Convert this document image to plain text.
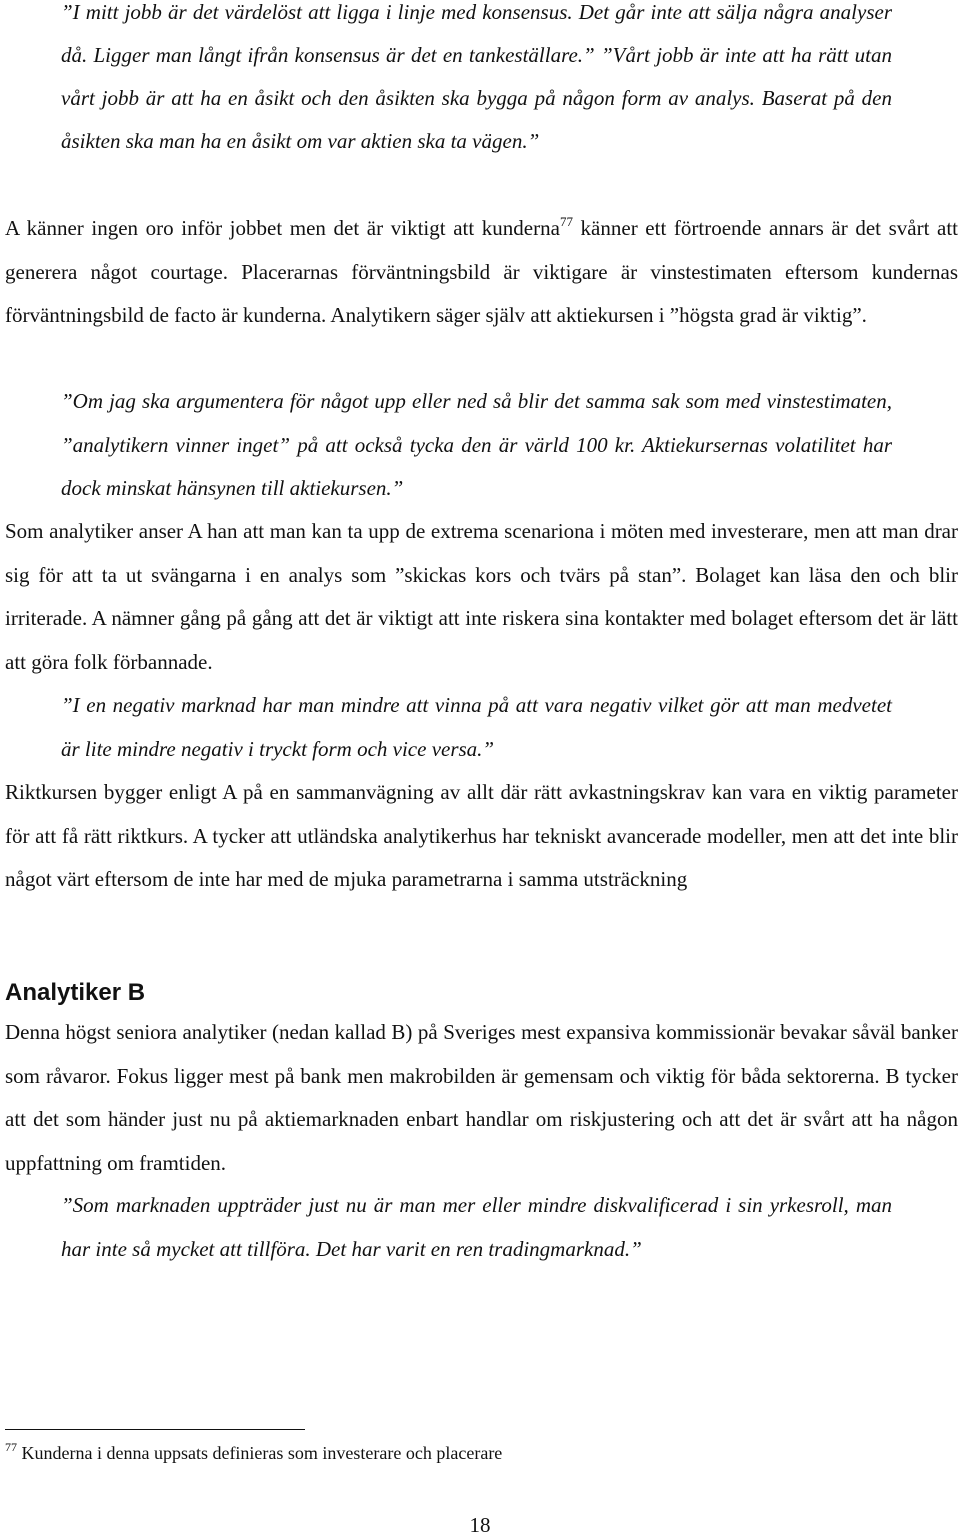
”I mitt jobb är det värdelöst att ligga i linje med konsensus. Det går inte att sälja några analyser då. Ligger man långt ifrån konsensus är det en tankeställare.” ”Vårt jobb är inte att ha rätt utan vårt jobb är att ha en åsikt och den åsikten ska bygga på någon form av analys. Baserat på den åsikten ska man ha en åsikt om var aktien ska ta vägen.”

A känner ingen oro inför jobbet men det är viktigt att kunderna$^{77}$ känner ett förtroende annars är det svårt att generera något courtage. Placerarnas förväntningsbild är viktigare är vinstestimaten eftersom kundernas förväntningsbild de facto är kunderna. Analytikern säger själv att aktiekursen i ”högsta grad är viktig”.

”Om jag ska argumentera för något upp eller ned så blir det samma sak som med vinstestimaten, ”analytikern vinner inget” på att också tycka den är värld 100 kr. Aktiekursernas volatilitet har dock minskat hänsynen till aktiekursen.”

Som analytiker anser A han att man kan ta upp de extrema scenariona i möten med investerare, men att man drar sig för att ta ut svängarna i en analys som ”skickas kors och tvärs på stan”. Bolaget kan läsa den och blir irriterade. A nämner gång på gång att det är viktigt att inte riskera sina kontakter med bolaget eftersom det är lätt att göra folk förbannade.

”I en negativ marknad har man mindre att vinna på att vara negativ vilket gör att man medvetet är lite mindre negativ i tryckt form och vice versa.”

Riktkursen bygger enligt A på en sammanvägning av allt där rätt avkastningskrav kan vara en viktig parameter för att få rätt riktkurs. A tycker att utländska analytikerhus har tekniskt avancerade modeller, men att det inte blir något värt eftersom de inte har med de mjuka parametrarna i samma utsträckning

Analytiker B

Denna högst seniora analytiker (nedan kallad B) på Sveriges mest expansiva kommissionär bevakar såväl banker som råvaror. Fokus ligger mest på bank men makrobilden är gemensam och viktig för båda sektorerna. B tycker att det som händer just nu på aktiemarknaden enbart handlar om riskjustering och att det är svårt att ha någon uppfattning om framtiden.

”Som marknaden uppträder just nu är man mer eller mindre diskvalificerad i sin yrkesroll, man har inte så mycket att tillföra. Det har varit en ren tradingmarknad.”

$^{77}$ Kunderna i denna uppsats definieras som investerare och placerare

18
